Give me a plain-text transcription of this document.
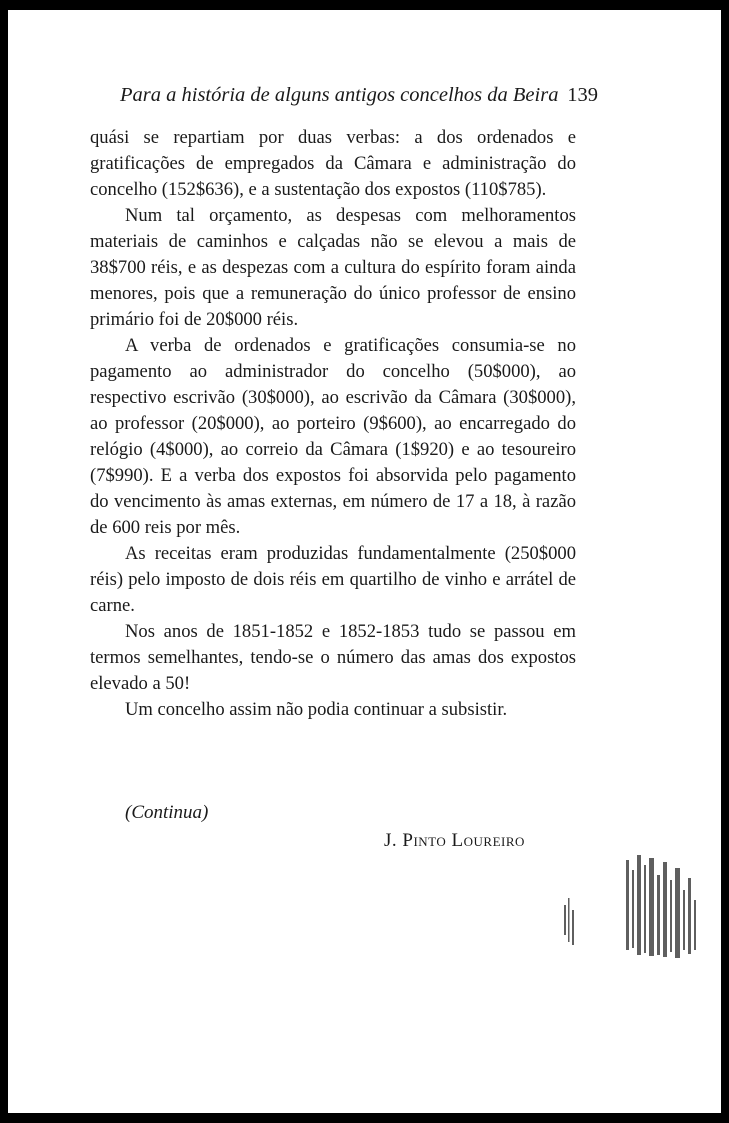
Para a história de alguns antigos concelhos da Beira 139

quási se repartiam por duas verbas: a dos ordenados e gratificações de empregados da Câmara e administração do concelho (152$636), e a sustentação dos expostos (110$785).

Num tal orçamento, as despesas com melhoramentos materiais de caminhos e calçadas não se elevou a mais de 38$700 réis, e as despezas com a cultura do espírito foram ainda menores, pois que a remuneração do único professor de ensino primário foi de 20$000 réis.

A verba de ordenados e gratificações consumia-se no pagamento ao administrador do concelho (50$000), ao respectivo escrivão (30$000), ao escrivão da Câmara (30$000), ao professor (20$000), ao porteiro (9$600), ao encarregado do relógio (4$000), ao correio da Câmara (1$920) e ao tesoureiro (7$990). E a verba dos expostos foi absorvida pelo pagamento do vencimento às amas externas, em número de 17 a 18, à razão de 600 reis por mês.

As receitas eram produzidas fundamentalmente (250$000 réis) pelo imposto de dois réis em quartilho de vinho e arrátel de carne.

Nos anos de 1851-1852 e 1852-1853 tudo se passou em termos semelhantes, tendo-se o número das amas dos expostos elevado a 50!

Um concelho assim não podia continuar a subsistir.

(Continua)
J. Pinto Loureiro
